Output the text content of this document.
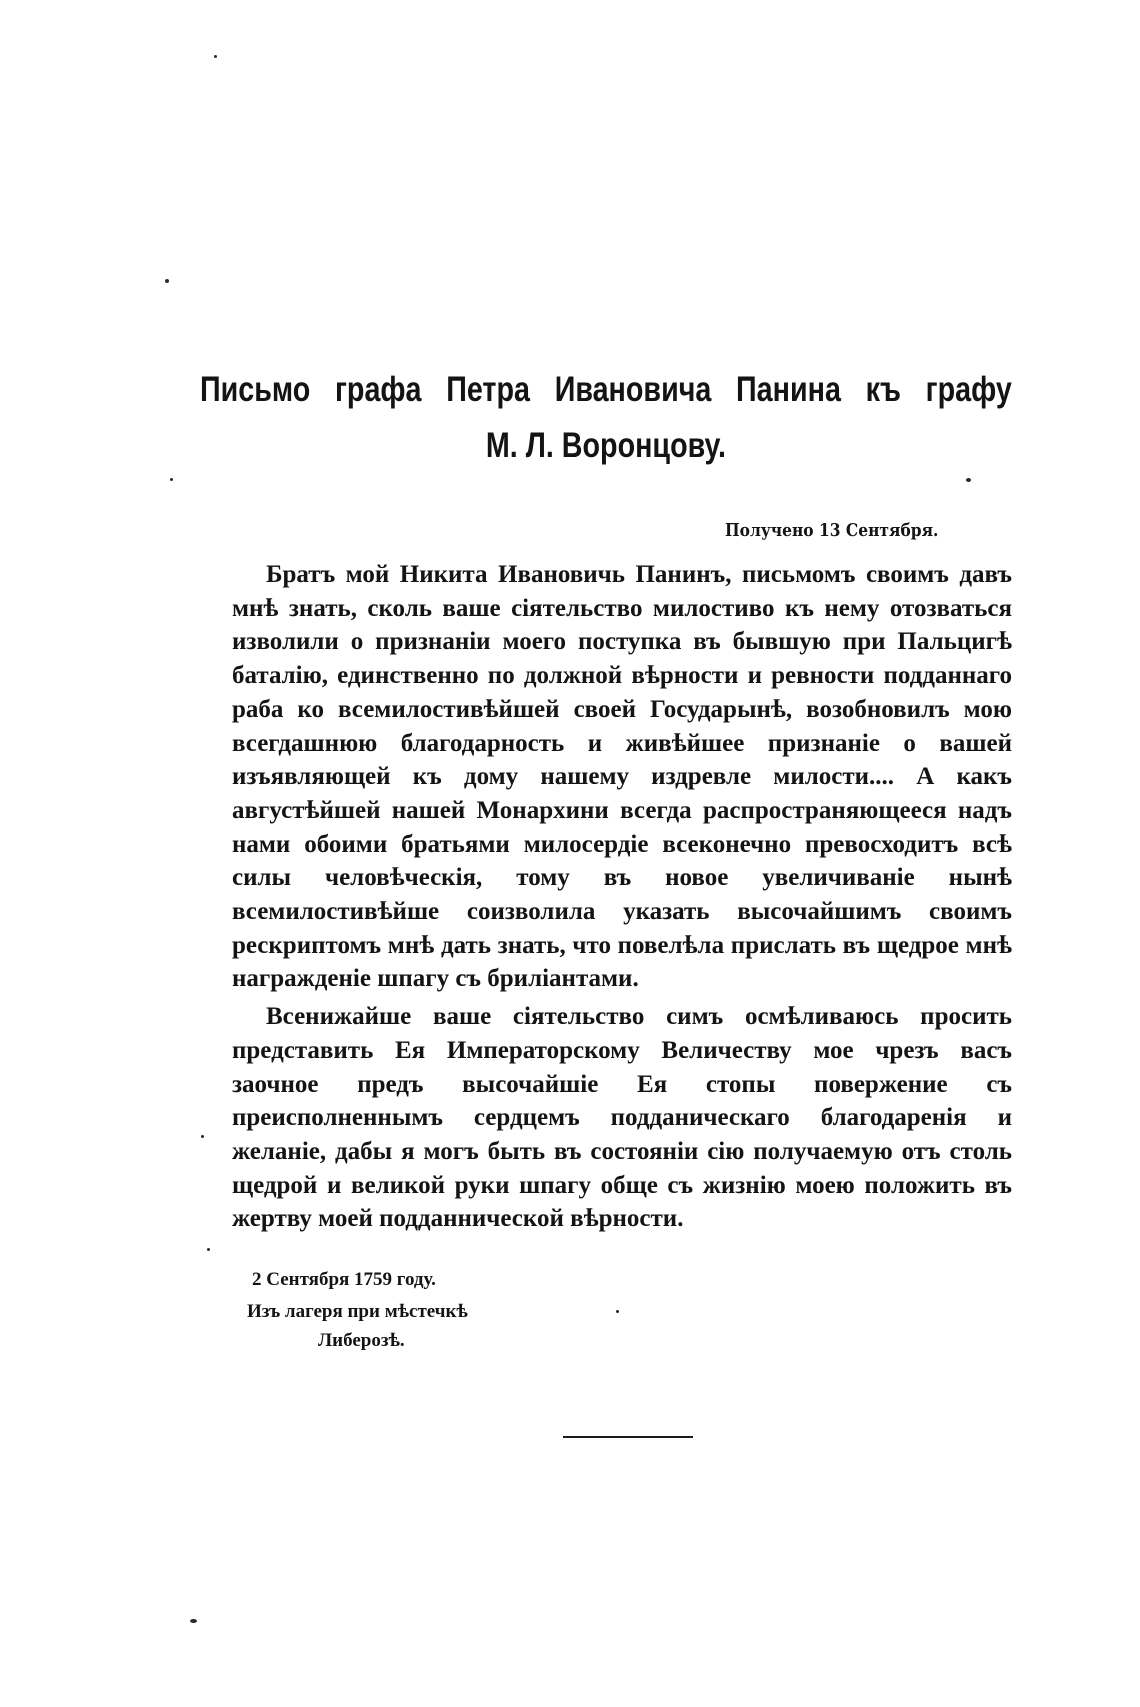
Письмо графа Петра Ивановича Панина къ графу
М. Л. Воронцову.
Получено 13 Сентября.

Братъ мой Никита Ивановичь Панинъ, письмомъ своимъ давъ мнѣ знать, сколь ваше сiятельство милостиво къ нему отозваться изволили о признанiи моего поступка въ бывшую при Пальцигѣ баталiю, единственно по должной вѣрности и ревности подданнаго раба ко всемилостивѣйшей своей Государынѣ, возобновилъ мою всегдашнюю благодарность и живѣйшее признанiе о вашей изъявляющей къ дому нашему издревле милости.... А какъ августѣйшей нашей Монархини всегда распространяющееся надъ нами обоими братьями милосердiе всеконечно превосходитъ всѣ силы человѣческiя, тому въ новое увеличиванiе нынѣ всемилостивѣйше соизволила указать высочайшимъ своимъ рескриптомъ мнѣ дать знать, что повелѣла прислать въ щедрое мнѣ награжденiе шпагу съ брилiантами.

Всенижайше ваше сiятельство симъ осмѣливаюсь просить представить Ея Императорскому Величеству мое чрезъ васъ заочное предъ высочайшiе Ея стопы повержение съ преисполненнымъ сердцемъ подданическаго благодаренiя и желанiе, дабы я могъ быть въ состоянiи сiю получаемую отъ столь щедрой и великой руки шпагу обще съ жизнiю моею положить въ жертву моей подданнической вѣрности.

2 Сентября 1759 году.
Изъ лагеря при мѣстечкѣ
Либерозѣ.
